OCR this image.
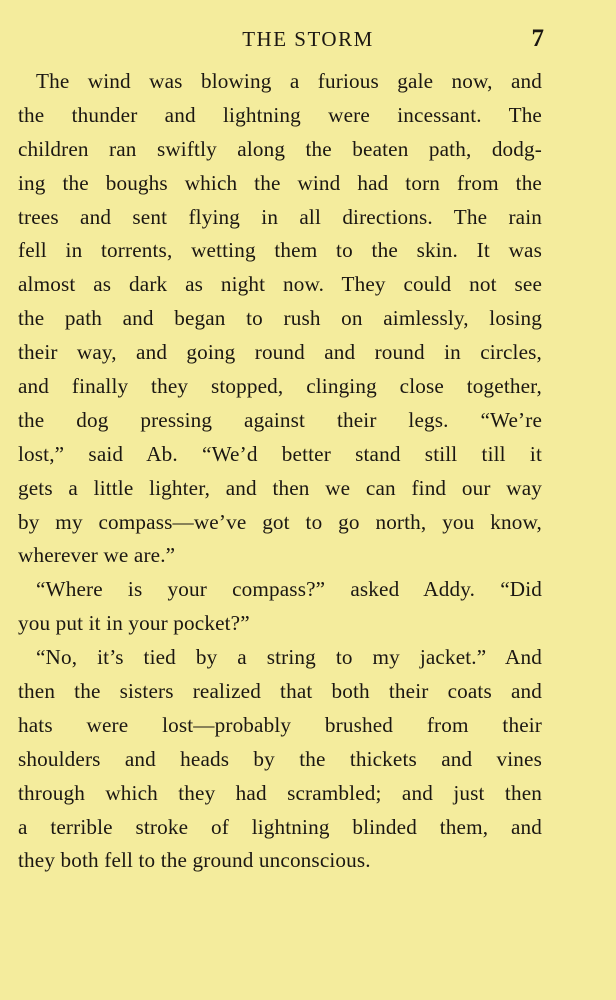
THE STORM	7
The wind was blowing a furious gale now, and
the thunder and lightning were incessant. The
children ran swiftly along the beaten path, dodg-
ing the boughs which the wind had torn from the
trees and sent flying in all directions. The rain
fell in torrents, wetting them to the skin. It was
almost as dark as night now. They could not see
the path and began to rush on aimlessly, losing
their way, and going round and round in circles,
and finally they stopped, clinging close together,
the dog pressing against their legs. “We’re
lost,” said Ab. “We’d better stand still till it
gets a little lighter, and then we can find our way
by my compass—we’ve got to go north, you know,
wherever we are.”
“Where is your compass?” asked Addy. “Did
you put it in your pocket?”
“No, it’s tied by a string to my jacket.” And
then the sisters realized that both their coats and
hats were lost—probably brushed from their
shoulders and heads by the thickets and vines
through which they had scrambled; and just then
a terrible stroke of lightning blinded them, and
they both fell to the ground unconscious.
